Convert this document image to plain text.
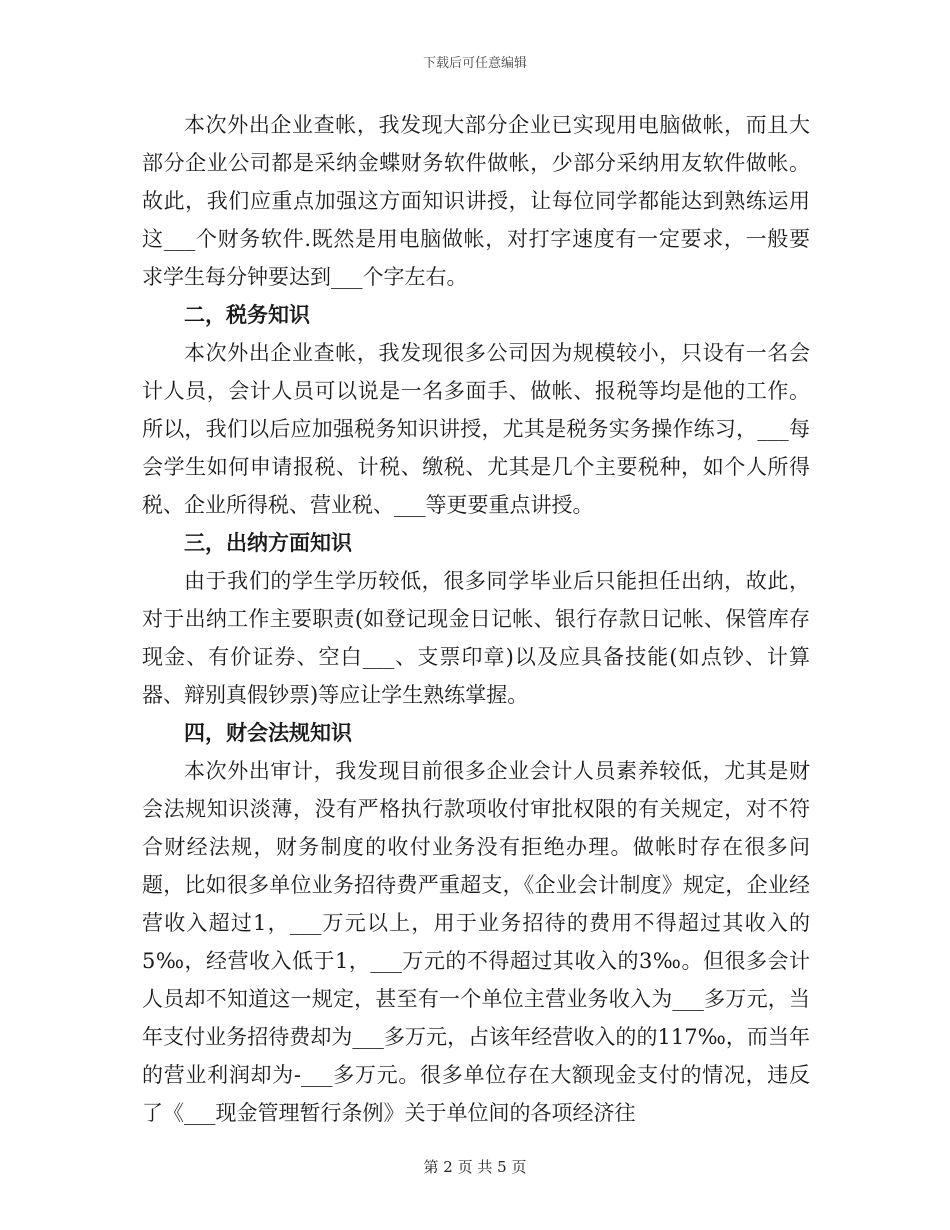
下载后可任意编辑

本次外出企业查帐，我发现大部分企业已实现用电脑做帐，而且大部分企业公司都是采纳金蝶财务软件做帐，少部分采纳用友软件做帐。故此，我们应重点加强这方面知识讲授，让每位同学都能达到熟练运用这___个财务软件.既然是用电脑做帐，对打字速度有一定要求，一般要求学生每分钟要达到___个字左右。

二，税务知识

本次外出企业查帐，我发现很多公司因为规模较小，只设有一名会计人员，会计人员可以说是一名多面手、做帐、报税等均是他的工作。所以，我们以后应加强税务知识讲授，尤其是税务实务操作练习，___每会学生如何申请报税、计税、缴税、尤其是几个主要税种，如个人所得税、企业所得税、营业税、___等更要重点讲授。

三，出纳方面知识

由于我们的学生学历较低，很多同学毕业后只能担任出纳，故此，对于出纳工作主要职责(如登记现金日记帐、银行存款日记帐、保管库存现金、有价证券、空白___、支票印章)以及应具备技能(如点钞、计算器、辩别真假钞票)等应让学生熟练掌握。

四，财会法规知识

本次外出审计，我发现目前很多企业会计人员素养较低，尤其是财会法规知识淡薄，没有严格执行款项收付审批权限的有关规定，对不符合财经法规，财务制度的收付业务没有拒绝办理。做帐时存在很多问题，比如很多单位业务招待费严重超支，《企业会计制度》规定，企业经营收入超过1，___万元以上，用于业务招待的费用不得超过其收入的5‰，经营收入低于1，___万元的不得超过其收入的3‰。但很多会计人员却不知道这一规定，甚至有一个单位主营业务收入为___多万元，当年支付业务招待费却为___多万元，占该年经营收入的的117‰，而当年的营业利润却为-___多万元。很多单位存在大额现金支付的情况，违反了《___现金管理暂行条例》关于单位间的各项经济往

第 2 页 共 5 页
